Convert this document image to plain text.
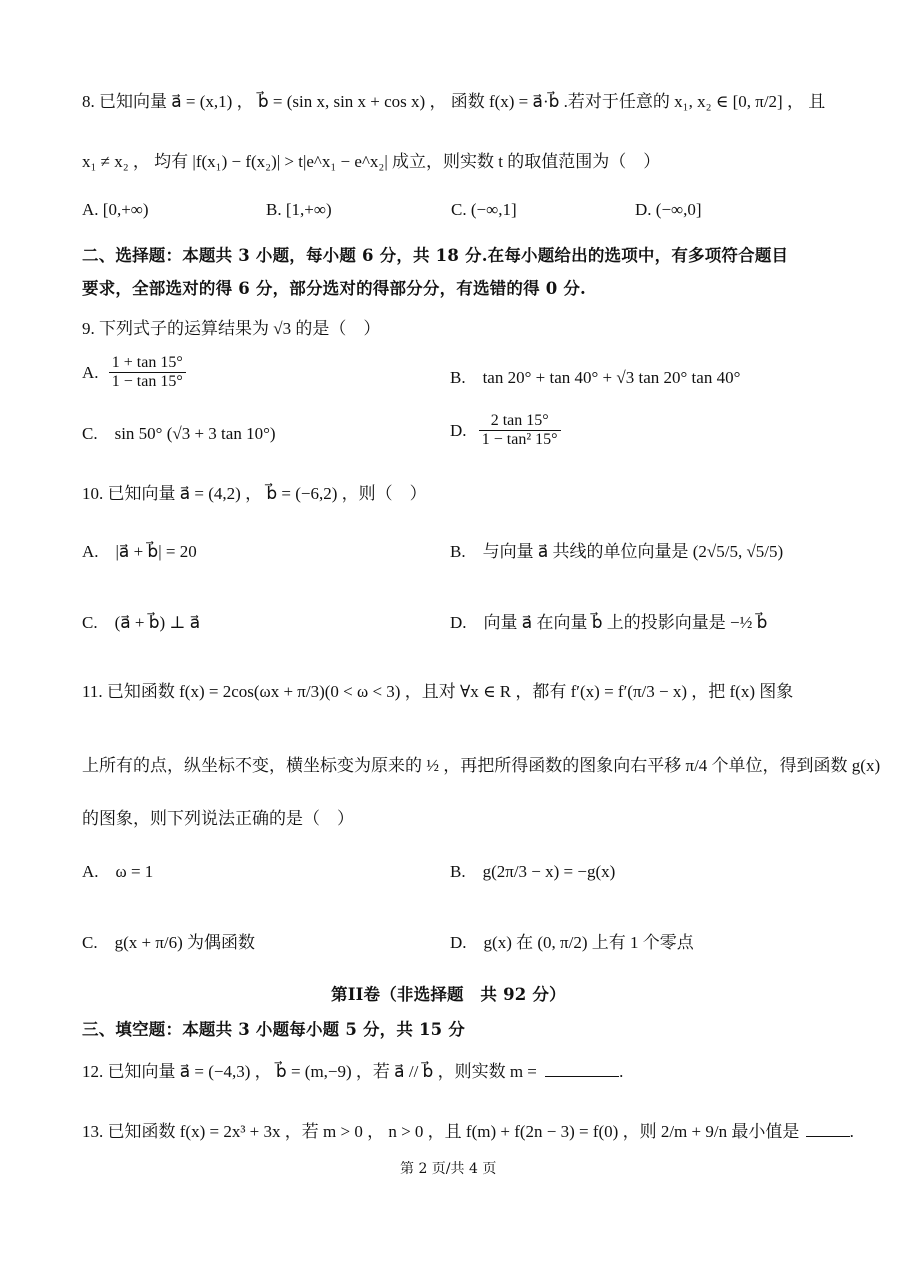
8. 已知向量 a⃗ = (x,1) ， b⃗ = (sin x, sin x + cos x) ， 函数 f(x) = a⃗·b⃗ .若对于任意的 x₁, x₂ ∈ [0, π/2] ， 且
x₁ ≠ x₂ ， 均有 |f(x₁) − f(x₂)| > t|e^x₁ − e^x₂| 成立，则实数 t 的取值范围为（　）
A. [0,+∞)	B. [1,+∞)	C. (−∞,1]	D. (−∞,0]
二、选择题：本题共 3 小题，每小题 6 分，共 18 分.在每小题给出的选项中，有多项符合题目
要求，全部选对的得 6 分，部分选对的得部分分，有选错的得 0 分.
9. 下列式子的运算结果为 √3 的是（　）
A. $\frac{1 + \tan 15^\circ}{1 - \tan 15^\circ}$	B.　tan 20° + tan 40° + √3 tan 20° tan 40°
C.　sin 50° (√3 + 3 tan 10°)	D. $\frac{2 \tan 15^\circ}{\text{1 − tan² 15°}}$
10. 已知向量 a⃗ = (4,2) ， b⃗ = (−6,2) ，则（　）
A.　|a⃗ + b⃗| = 20	B.　与向量 a⃗ 共线的单位向量是 (2√5/5, √5/5)
C.　(a⃗ + b⃗) ⊥ a⃗	D.　向量 a⃗ 在向量 b⃗ 上的投影向量是 −½ b⃗
11. 已知函数 f(x) = 2cos(ωx + π/3)(0 < ω < 3) ，且对 ∀x ∈ R ，都有 f′(x) = f′(π/3 − x) ，把 f(x) 图象
上所有的点，纵坐标不变，横坐标变为原来的 ½ ，再把所得函数的图象向右平移 π/4 个单位，得到函数 g(x)
的图象，则下列说法正确的是（　）
A.　ω = 1	B.　g(2π/3 − x) = −g(x)
C.　g(x + π/6) 为偶函数	D.　g(x) 在 (0, π/2) 上有 1 个零点
第II卷（非选择题　共 92 分）
三、填空题：本题共 3 小题每小题 5 分，共 15 分
12. 已知向量 a⃗ = (−4,3) ， b⃗ = (m,−9) ，若 a⃗ // b⃗ ，则实数 m =	.
13. 已知函数 f(x) = 2x³ + 3x ，若 m > 0 ， n > 0 ，且 f(m) + f(2n − 3) = f(0) ，则 2/m + 9/n 最小值是	.
第 2 页/共 4 页
